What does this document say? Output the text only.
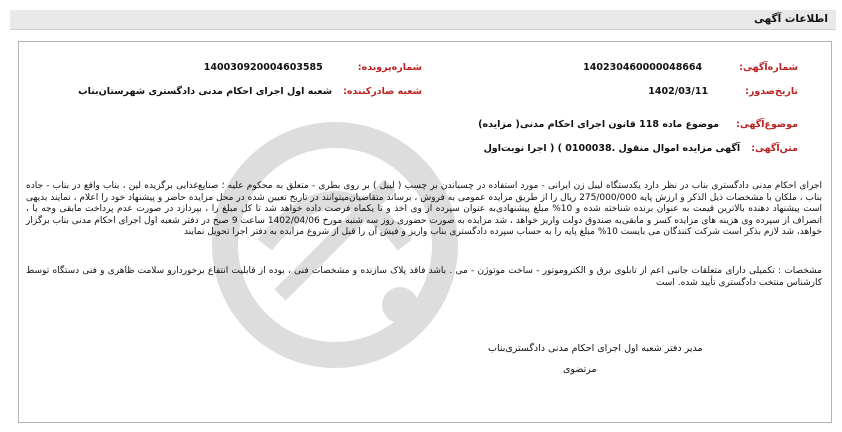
اطلاعات آگهی
شماره‌آگهی: 140230460000048664
شماره‌پرونده: 140030920004603585
تاریخ‌صدور: 1402/03/11
شعبه صادرکننده: شعبه اول اجرای احکام مدنی دادگستری شهرستان‌بناب
موضوع‌آگهی: موضوع ماده 118 قانون اجرای احکام مدنی( مزایده)
متن‌آگهی: آگهی مزایده اموال منقول .0100038 ) ( اجرا نوبت‌اول

اجرای احکام مدنی دادگستری بناب در نظر دارد یکدستگاه لیبل زن ایرانی - مورد استفاده در چسباندن بر چسب ( لیبل ) بر روی بطری - متعلق به محکوم علیه ؛ صنایع‌غذایی برگزیده لین ، بناب واقع در بناب - جاده بناب ، ملکان با مشخصات ذیل الذکر و ارزش پایه 275/000/000 ریال را از طریق مزایده عمومی به فروش ، برساند متقاضیان‌میتوانند در تاریخ تعیین شده در محل مزایده حاضر و پیشنهاد خود را اعلام ، نمایند بدیهی است پیشنهاد دهنده بالاترین قیمت به عنوان برنده شناخته شده و 10% مبلغ پیشنهادی‌به عنوان سپرده از وی اخذ و تا یکماه فرصت داده خواهد شد تا کل مبلغ را ، بپردازد در صورت عدم پرداخت مابقی وجه یا ، انصراف از سپرده وی هزینه های مزایده کسر و مابقی‌به صندوق دولت واریز خواهد ، شد مزایده به صورت حضوری روز سه شنبه مورخ 1402/04/06 ساعت 9 صبح در دفتر شعبه اول اجرای احکام مدنی بناب برگزار خواهد، شد لازم بذکر است شرکت کنندگان می بایست 10% مبلغ پایه را به حساب سپرده دادگستری بناب واریز و فیش آن را قبل از شروع مزایده به دفتر اجرا تحویل نمایند

مشخصات : تکمیلی دارای متعلقات جانبی اعم از تابلوی برق و الکتروموتور - ساخت موتوژن - می . باشد فاقد پلاک سازنده و مشخصات فنی ، بوده از قابلیت انتفاع برخوردارو سلامت ظاهری و فنی دستگاه توسط کارشناس منتخب دادگستری تأیید شده. است

مدیر دفتر شعبه اول اجرای احکام مدنی دادگستری‌بناب
مرتضوی
